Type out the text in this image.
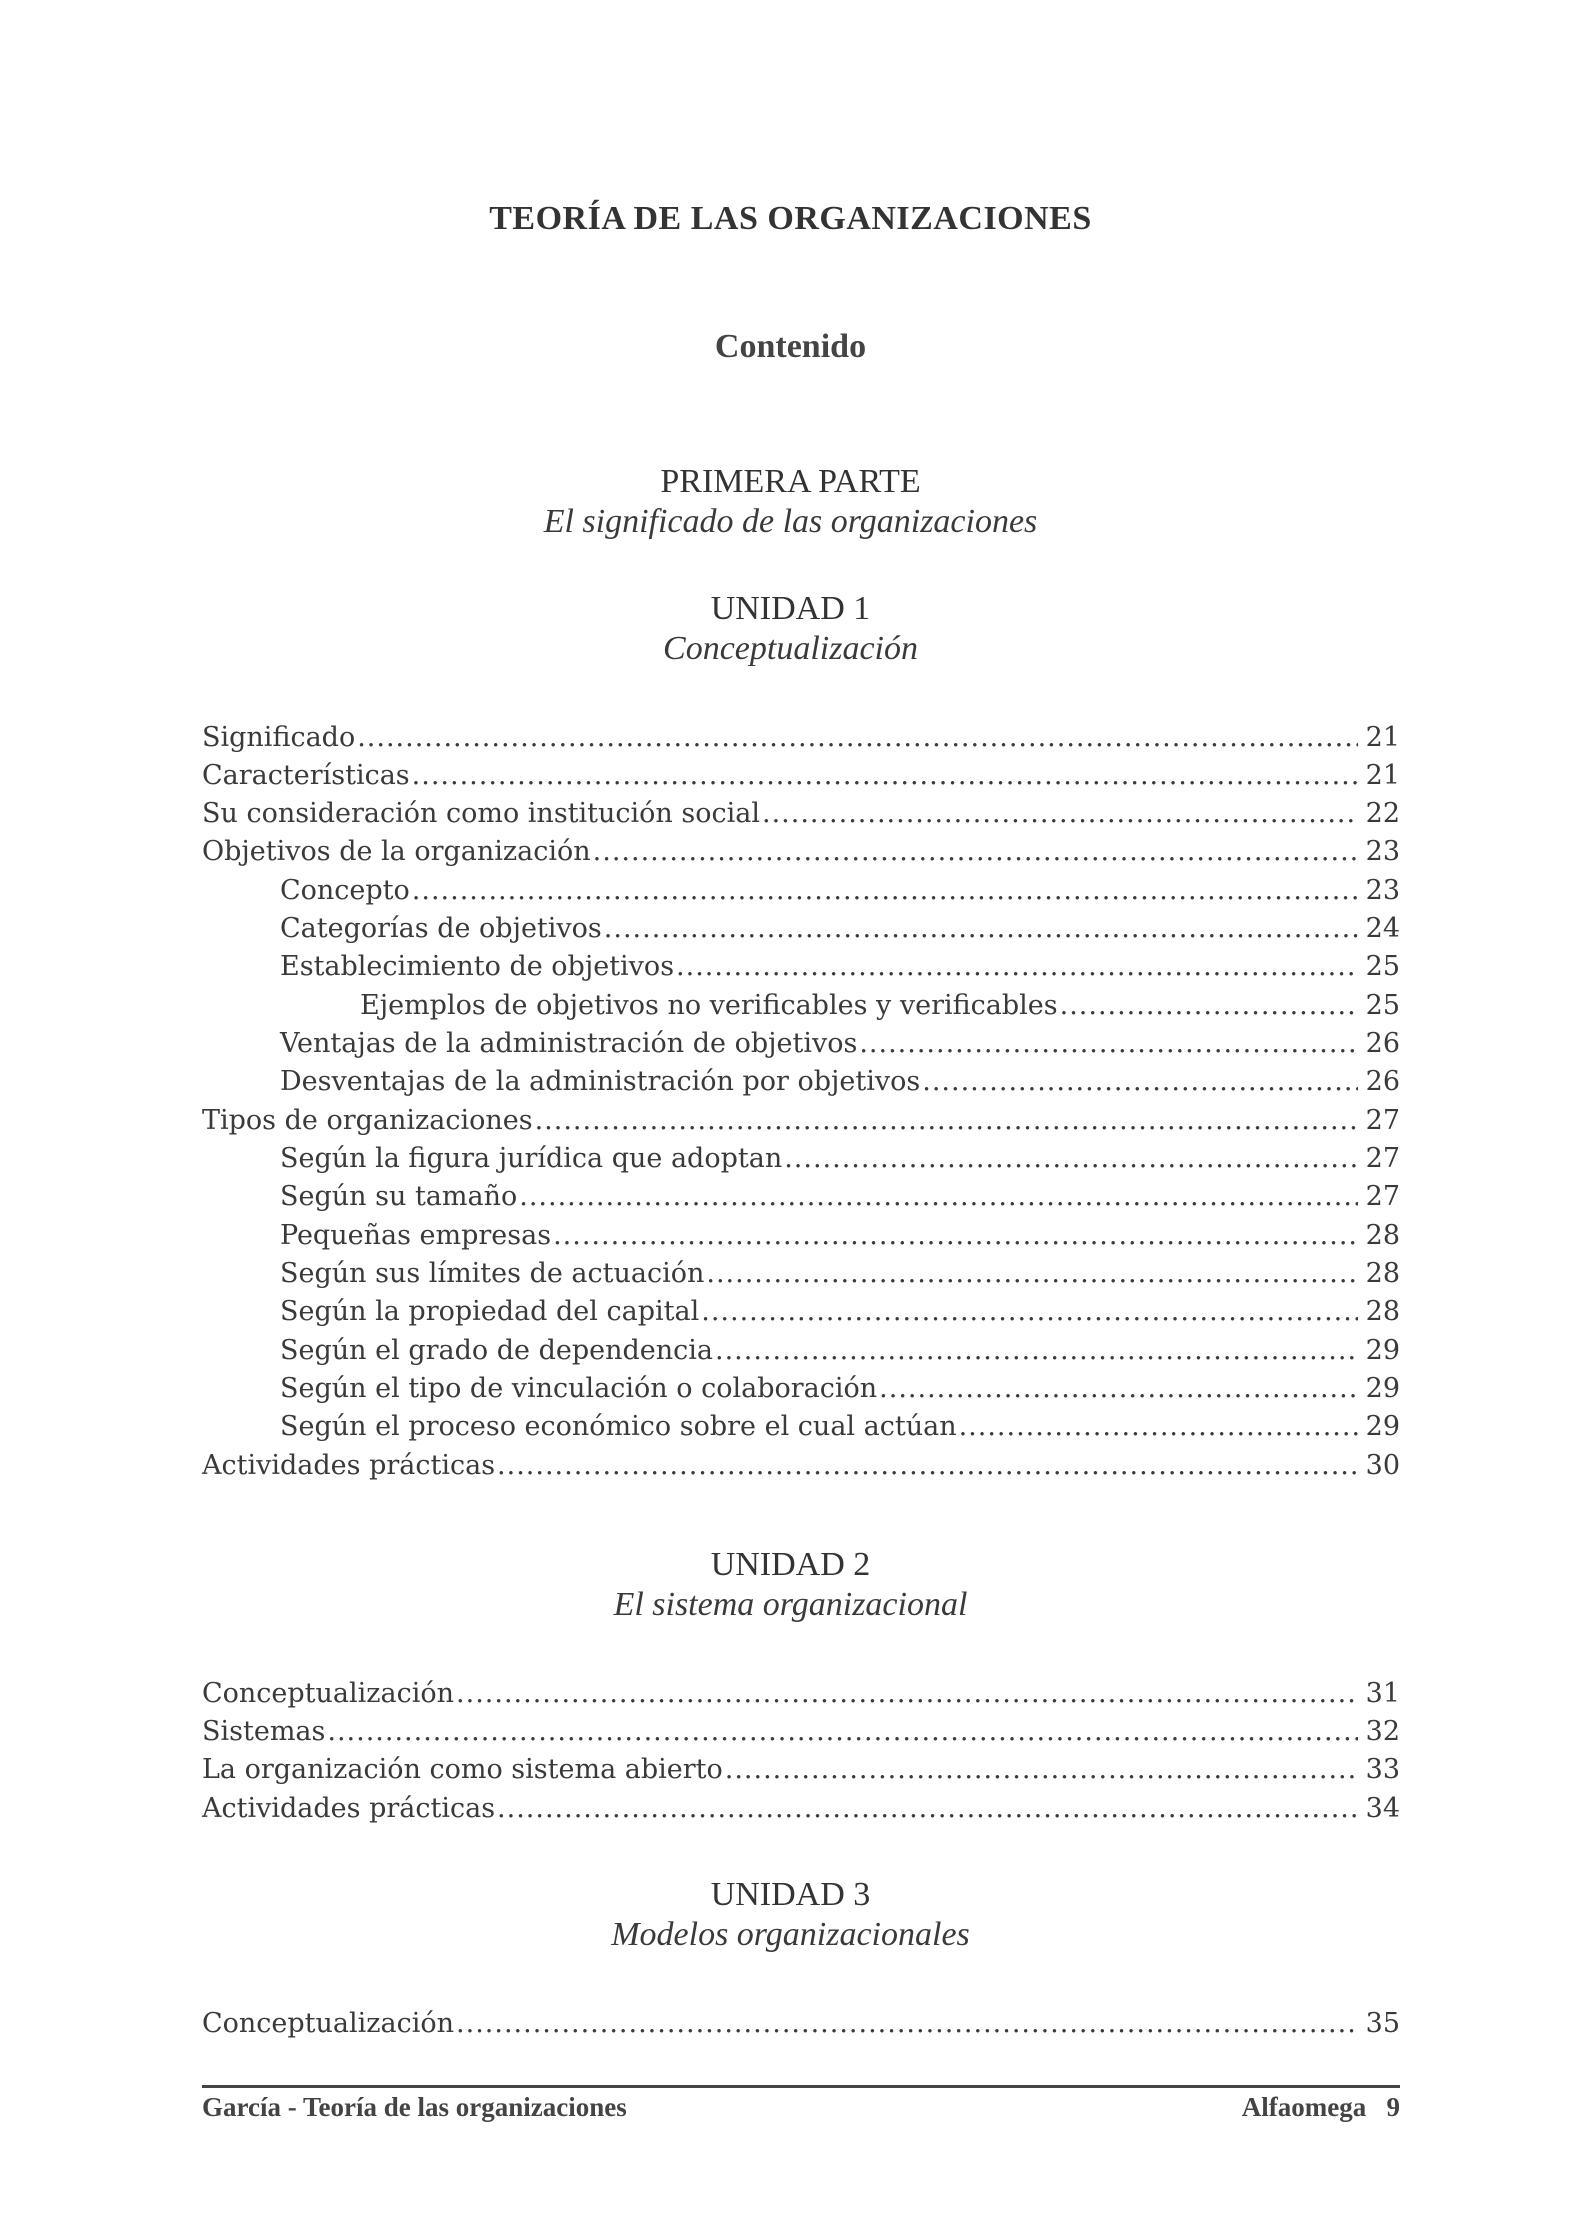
TEORÍA DE LAS ORGANIZACIONES
Contenido
PRIMERA PARTE
El significado de las organizaciones
UNIDAD 1
Conceptualización
Significado .....	21
Características .....	21
Su consideración como institución social .....	22
Objetivos de la organización .....	23
Concepto .....	23
Categorías de objetivos .....	24
Establecimiento de objetivos .....	25
Ejemplos de objetivos no verificables y verificables .....	25
Ventajas de la administración de objetivos .....	26
Desventajas de la administración por objetivos .....	26
Tipos de organizaciones .....	27
Según la figura jurídica que adoptan .....	27
Según su tamaño .....	27
Pequeñas empresas .....	28
Según sus límites de actuación .....	28
Según la propiedad del capital .....	28
Según el grado de dependencia .....	29
Según el tipo de vinculación o colaboración .....	29
Según el proceso económico sobre el cual actúan .....	29
Actividades prácticas .....	30
UNIDAD 2
El sistema organizacional
Conceptualización .....	31
Sistemas .....	32
La organización como sistema abierto .....	33
Actividades prácticas .....	34
UNIDAD 3
Modelos organizacionales
Conceptualización .....	35
García - Teoría de las organizaciones	Alfaomega   9
